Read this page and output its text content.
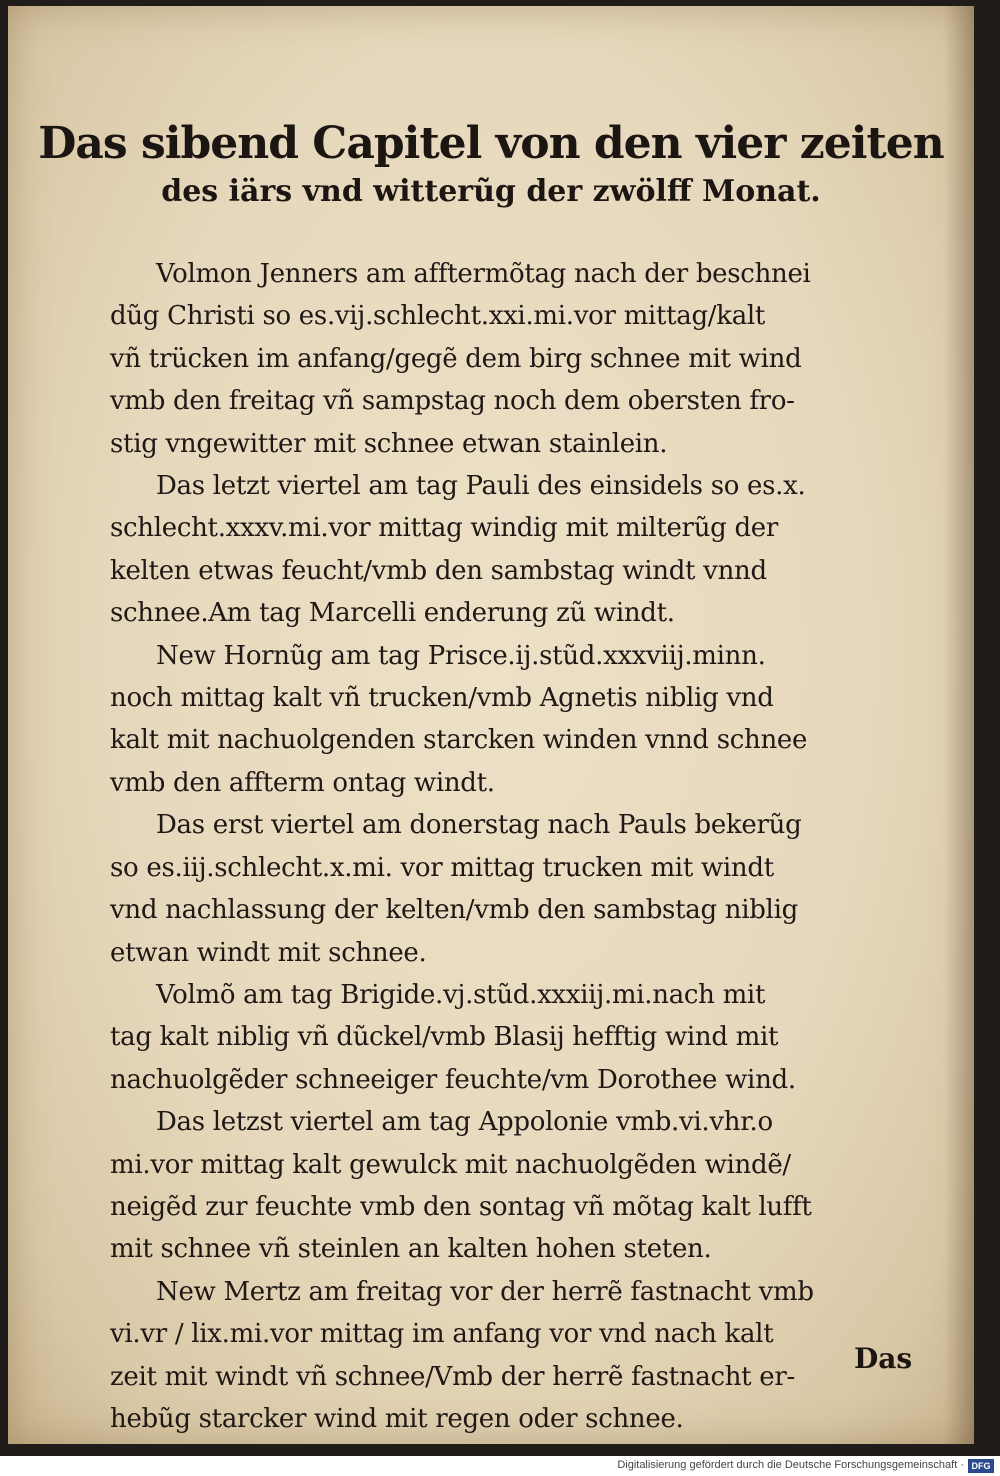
Das sibend Capitel von den vier zeiten
des iärs vnd witterũg der zwölff Monat.
Volmon Jenners am afftermõtag nach der beschnei
dũg Christi so es.vij.schlecht.xxi.mi.vor mittag/kalt
vñ trücken im anfang/gegẽ dem birg schnee mit wind
vmb den freitag vñ sampstag noch dem obersten fro‑
stig vngewitter mit schnee etwan stainlein.
Das letzt viertel am tag Pauli des einsidels so es.x.
schlecht.xxxv.mi.vor mittag windig mit milterũg der
kelten etwas feucht/vmb den sambstag windt vnnd
schnee.Am tag Marcelli enderung zũ windt.
New Hornũg am tag Prisce.ij.stũd.xxxviij.minn.
noch mittag kalt vñ trucken/vmb Agnetis niblig vnd
kalt mit nachuolgenden starcken winden vnnd schnee
vmb den affterm ontag windt.
Das erst viertel am donerstag nach Pauls bekerũg
so es.iij.schlecht.x.mi. vor mittag trucken mit windt
vnd nachlassung der kelten/vmb den sambstag niblig
etwan windt mit schnee.
Volmõ am tag Brigide.vj.stũd.xxxiij.mi.nach mit
tag kalt niblig vñ dũckel/vmb Blasij hefftig wind mit
nachuolgẽder schneeiger feuchte/vm Dorothee wind.
Das letzst viertel am tag Appolonie vmb.vi.vhr.o
mi.vor mittag kalt gewulck mit nachuolgẽden windẽ/
neigẽd zur feuchte vmb den sontag vñ mõtag kalt lufft
mit schnee vñ steinlen an kalten hohen steten.
New Mertz am freitag vor der herrẽ fastnacht vmb
vi.vr / lix.mi.vor mittag im anfang vor vnd nach kalt
zeit mit windt vñ schnee/Vmb der herrẽ fastnacht er‑
hebũg starcker wind mit regen oder schnee.
Das
Digitalisierung gefördert durch die Deutsche Forschungsgemeinschaft · DFG
